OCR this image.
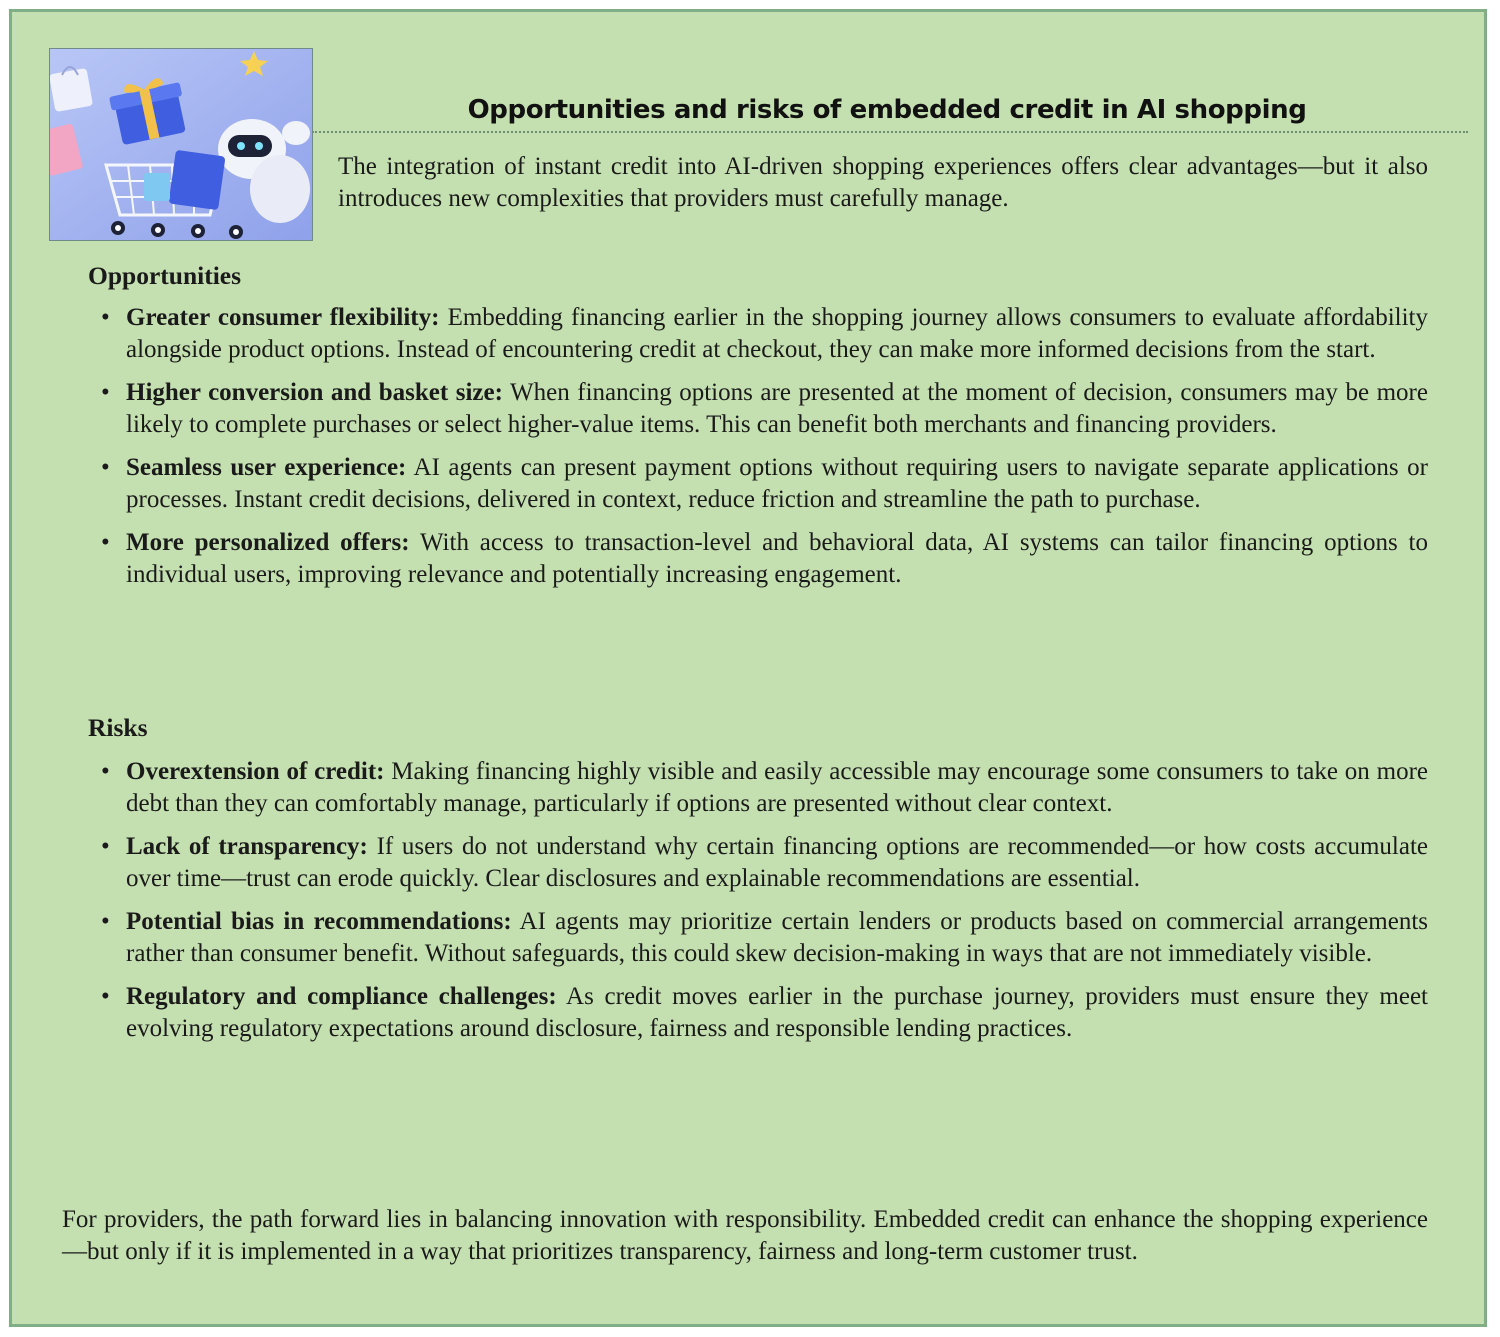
Opportunities and risks of embedded credit in AI shopping
The integration of instant credit into AI-driven shopping experiences offers clear advantages—but it also introduces new complexities that providers must carefully manage.
Opportunities
• Greater consumer flexibility: Embedding financing earlier in the shopping journey allows consumers to evaluate affordability alongside product options. Instead of encountering credit at checkout, they can make more informed decisions from the start.
• Higher conversion and basket size: When financing options are presented at the moment of decision, consumers may be more likely to complete purchases or select higher-value items. This can benefit both merchants and financing providers.
• Seamless user experience: AI agents can present payment options without requiring users to navigate separate applications or processes. Instant credit decisions, delivered in context, reduce friction and streamline the path to purchase.
• More personalized offers: With access to transaction-level and behavioral data, AI systems can tailor financing options to individual users, improving relevance and potentially increasing engagement.
Risks
• Overextension of credit: Making financing highly visible and easily accessible may encourage some consumers to take on more debt than they can comfortably manage, particularly if options are presented without clear context.
• Lack of transparency: If users do not understand why certain financing options are recommended—or how costs accumulate over time—trust can erode quickly. Clear disclosures and explainable recommendations are essential.
• Potential bias in recommendations: AI agents may prioritize certain lenders or products based on commercial arrangements rather than consumer benefit. Without safeguards, this could skew decision-making in ways that are not immediately visible.
• Regulatory and compliance challenges: As credit moves earlier in the purchase journey, providers must ensure they meet evolving regulatory expectations around disclosure, fairness and responsible lending practices.
For providers, the path forward lies in balancing innovation with responsibility. Embedded credit can enhance the shopping experience—but only if it is implemented in a way that prioritizes transparency, fairness and long-term customer trust.
